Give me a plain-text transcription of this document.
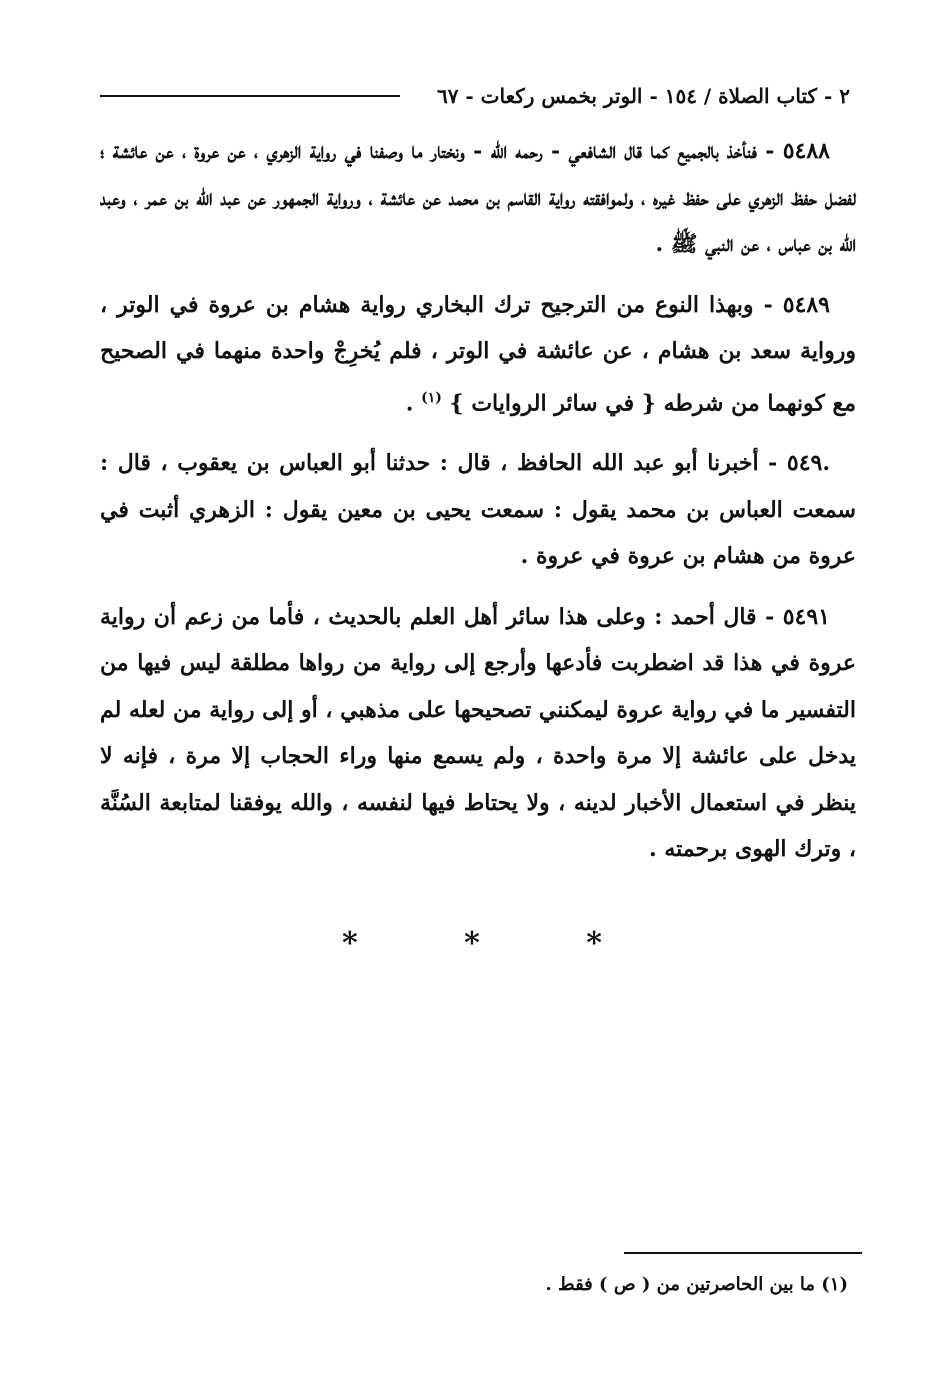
٢ - كتاب الصلاة / ١٥٤ - الوتر بخمس ركعات - ٦٧

٥٤٨٨ - فنأخذ بالجميع كما قال الشافعي - رحمه الله - ونختار ما وصفنا في رواية الزهري ، عن عروة ، عن عائشة ؛ لفضل حفظ الزهري على حفظ غيره ، ولموافقته رواية القاسم بن محمد عن عائشة ، ورواية الجمهور عن عبد الله بن عمر ، وعبد الله بن عباس ، عن النبي ﷺ .

٥٤٨٩ - وبهذا النوع من الترجيح ترك البخاري رواية هشام بن عروة في الوتر ، ورواية سعد بن هشام ، عن عائشة في الوتر ، فلم يُخرِجْ واحدة منهما في الصحيح مع كونهما من شرطه { في سائر الروايات } $^{(١)}$ .

.٥٤٩ - أخبرنا أبو عبد الله الحافظ ، قال : حدثنا أبو العباس بن يعقوب ، قال : سمعت العباس بن محمد يقول : سمعت يحيى بن معين يقول : الزهري أثبت في عروة من هشام بن عروة في عروة .

٥٤٩١ - قال أحمد : وعلى هذا سائر أهل العلم بالحديث ، فأما من زعم أن رواية عروة في هذا قد اضطربت فأدعها وأرجع إلى رواية من رواها مطلقة ليس فيها من التفسير ما في رواية عروة ليمكنني تصحيحها على مذهبي ، أو إلى رواية من لعله لم يدخل على عائشة إلا مرة واحدة ، ولم يسمع منها وراء الحجاب إلا مرة ، فإنه لا ينظر في استعمال الأخبار لدينه ، ولا يحتاط فيها لنفسه ، والله يوفقنا لمتابعة السُنَّة ، وترك الهوى برحمته .

* * *
(١) ما بين الحاصرتين من ( ص ) فقط .
